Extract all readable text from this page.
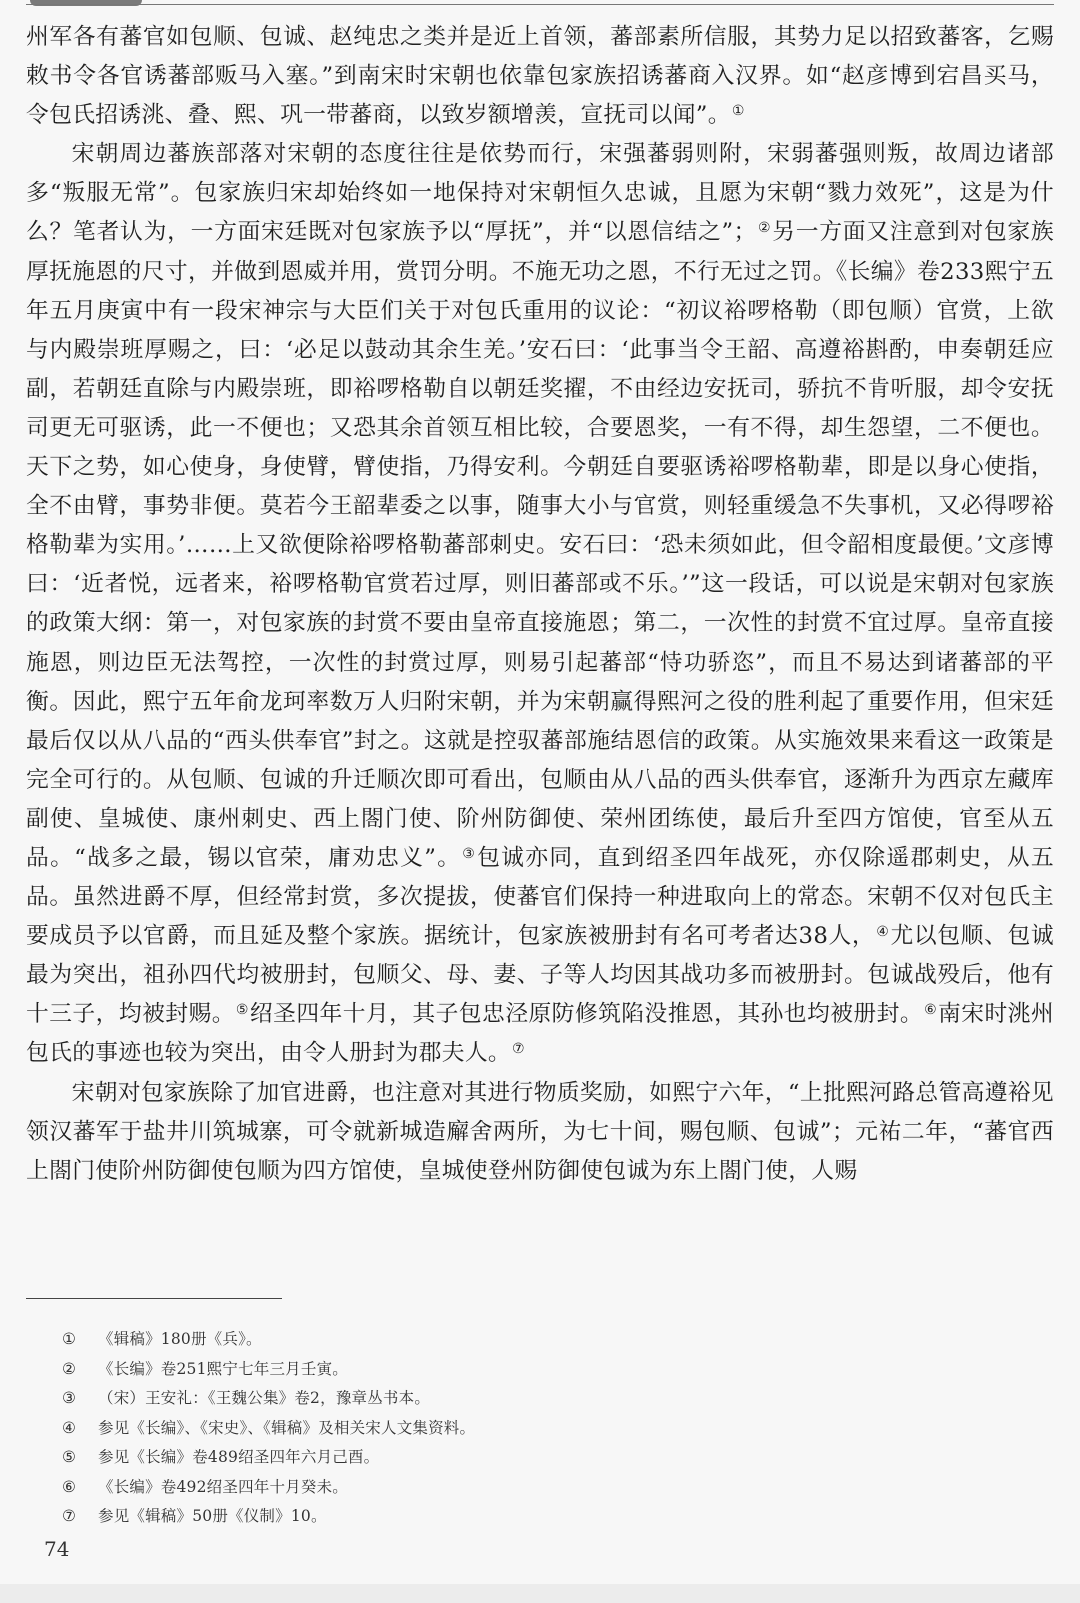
州军各有蕃官如包顺、包诚、赵纯忠之类并是近上首领，蕃部素所信服，其势力足以招致蕃客，乞赐敕书令各官诱蕃部贩马入塞。”到南宋时宋朝也依靠包家族招诱蕃商入汉界。如“赵彦博到宕昌买马，令包氏招诱洮、叠、熙、巩一带蕃商，以致岁额增羡，宣抚司以闻”。①

宋朝周边蕃族部落对宋朝的态度往往是依势而行，宋强蕃弱则附，宋弱蕃强则叛，故周边诸部多“叛服无常”。包家族归宋却始终如一地保持对宋朝恒久忠诚，且愿为宋朝“戮力效死”，这是为什么？笔者认为，一方面宋廷既对包家族予以“厚抚”，并“以恩信结之”；②另一方面又注意到对包家族厚抚施恩的尺寸，并做到恩威并用，赏罚分明。不施无功之恩，不行无过之罚。《长编》卷233熙宁五年五月庚寅中有一段宋神宗与大臣们关于对包氏重用的议论：“初议裕啰格勒（即包顺）官赏，上欲与内殿崇班厚赐之，曰：‘必足以鼓动其余生羌。’安石曰：‘此事当令王韶、高遵裕斟酌，申奏朝廷应副，若朝廷直除与内殿崇班，即裕啰格勒自以朝廷奖擢，不由经边安抚司，骄抗不肯听服，却令安抚司更无可驱诱，此一不便也；又恐其余首领互相比较，合要恩奖，一有不得，却生怨望，二不便也。天下之势，如心使身，身使臂，臂使指，乃得安利。今朝廷自要驱诱裕啰格勒辈，即是以身心使指，全不由臂，事势非便。莫若今王韶辈委之以事，随事大小与官赏，则轻重缓急不失事机，又必得啰裕格勒辈为实用。’……上又欲便除裕啰格勒蕃部刺史。安石曰：‘恐未须如此，但令韶相度最便。’文彦博曰：‘近者悦，远者来，裕啰格勒官赏若过厚，则旧蕃部或不乐。’”这一段话，可以说是宋朝对包家族的政策大纲：第一，对包家族的封赏不要由皇帝直接施恩；第二，一次性的封赏不宜过厚。皇帝直接施恩，则边臣无法驾控，一次性的封赏过厚，则易引起蕃部“恃功骄恣”，而且不易达到诸蕃部的平衡。因此，熙宁五年俞龙珂率数万人归附宋朝，并为宋朝赢得熙河之役的胜利起了重要作用，但宋廷最后仅以从八品的“西头供奉官”封之。这就是控驭蕃部施结恩信的政策。从实施效果来看这一政策是完全可行的。从包顺、包诚的升迁顺次即可看出，包顺由从八品的西头供奉官，逐渐升为西京左藏库副使、皇城使、康州刺史、西上閤门使、阶州防御使、荣州团练使，最后升至四方馆使，官至从五品。“战多之最，锡以官荣，庸劝忠义”。③包诚亦同，直到绍圣四年战死，亦仅除遥郡刺史，从五品。虽然进爵不厚，但经常封赏，多次提拔，使蕃官们保持一种进取向上的常态。宋朝不仅对包氏主要成员予以官爵，而且延及整个家族。据统计，包家族被册封有名可考者达38人，④尤以包顺、包诚最为突出，祖孙四代均被册封，包顺父、母、妻、子等人均因其战功多而被册封。包诚战殁后，他有十三子，均被封赐。⑤绍圣四年十月，其子包忠泾原防修筑陷没推恩，其孙也均被册封。⑥南宋时洮州包氏的事迹也较为突出，由令人册封为郡夫人。⑦

宋朝对包家族除了加官进爵，也注意对其进行物质奖励，如熙宁六年，“上批熙河路总管高遵裕见领汉蕃军于盐井川筑城寨，可令就新城造廨舍两所，为七十间，赐包顺、包诚”；元祐二年，“蕃官西上閤门使阶州防御使包顺为四方馆使，皇城使登州防御使包诚为东上閤门使，人赐

① 《辑稿》180册《兵》。
② 《长编》卷251熙宁七年三月壬寅。
③ （宋）王安礼：《王魏公集》卷2，豫章丛书本。
④ 参见《长编》、《宋史》、《辑稿》及相关宋人文集资料。
⑤ 参见《长编》卷489绍圣四年六月己酉。
⑥ 《长编》卷492绍圣四年十月癸未。
⑦ 参见《辑稿》50册《仪制》10。
74
